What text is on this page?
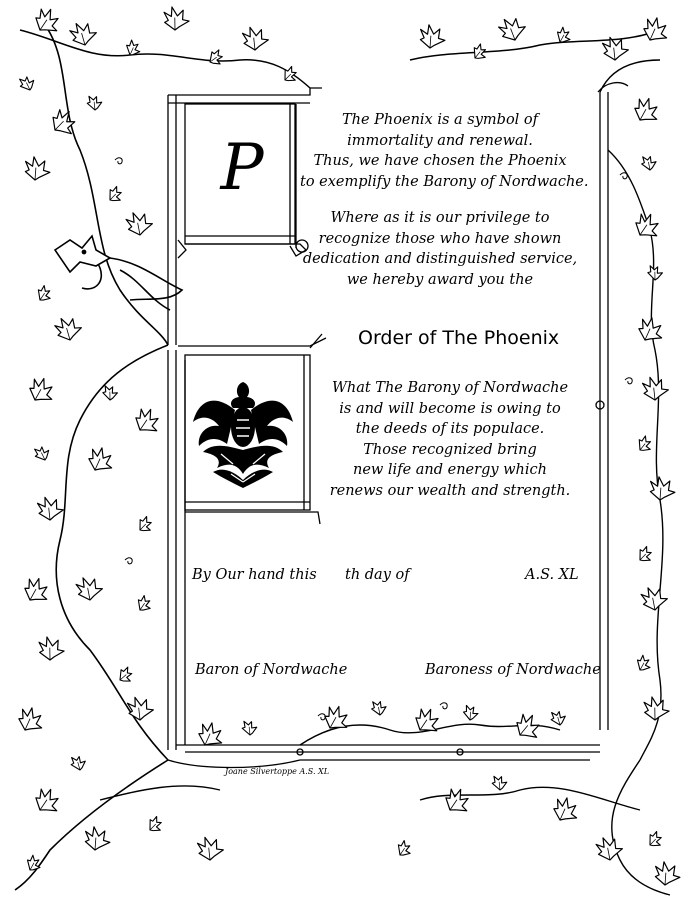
P
The Phoenix is a symbol of
immortality and renewal.
Thus, we have chosen the Phoenix
to exemplify the Barony of Nordwache.
Where as it is our privilege to
recognize those who have shown
dedication and distinguished service,
we hereby award you the
Order of The Phoenix
What The Barony of Nordwache
is and will become is owing to
the deeds of its populace.
Those recognized bring
new life and energy which
renews our wealth and strength.
By Our hand this th day of	A.S. XL
Baron of Nordwache	Baroness of Nordwache
Joane Silvertoppe A.S. XL
